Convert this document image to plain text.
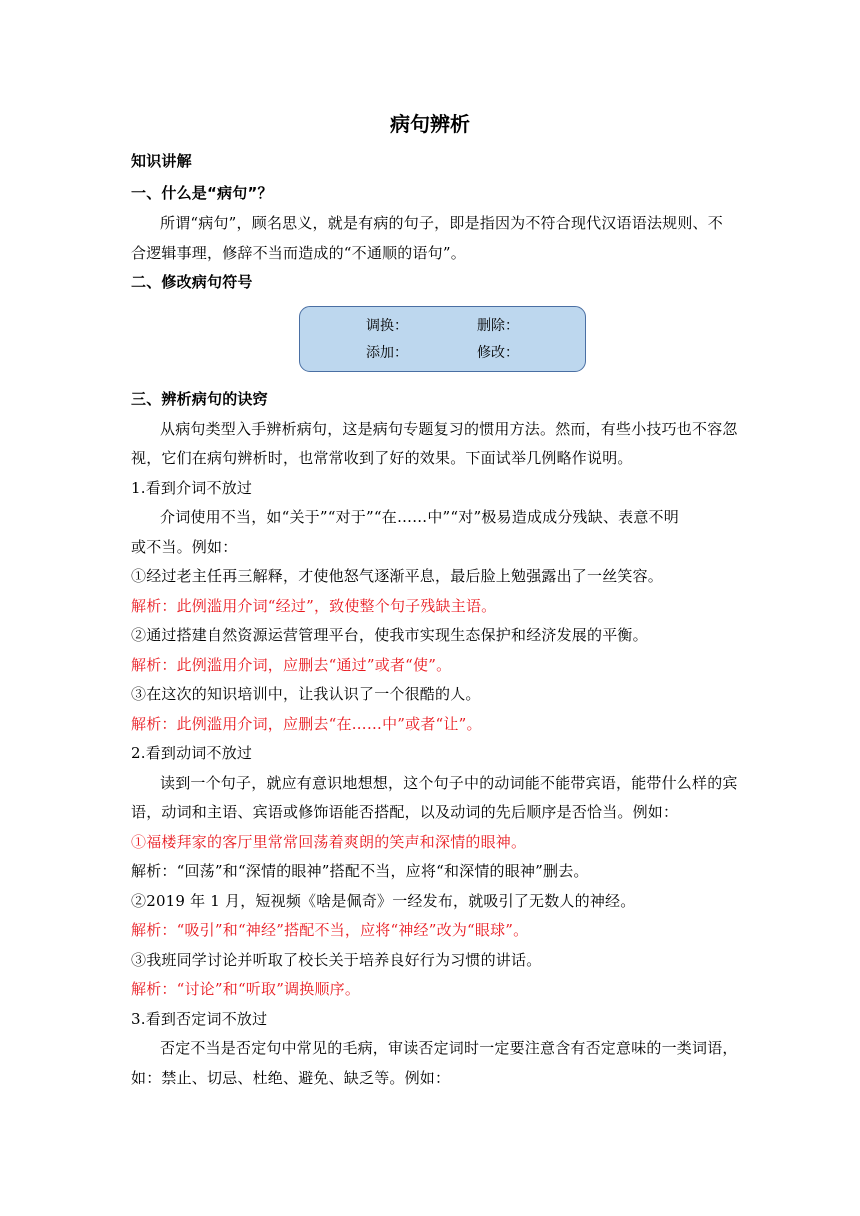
病句辨析
知识讲解
一、什么是“病句”？
所谓“病句”，顾名思义，就是有病的句子，即是指因为不符合现代汉语语法规则、不
合逻辑事理，修辞不当而造成的“不通顺的语句”。
二、修改病句符号
调换：	删除：
添加：	修改：
三、辨析病句的诀窍
从病句类型入手辨析病句，这是病句专题复习的惯用方法。然而，有些小技巧也不容忽
视，它们在病句辨析时，也常常收到了好的效果。下面试举几例略作说明。
1.看到介词不放过
介词使用不当，如“关于”“对于”“在……中”“对”极易造成成分残缺、表意不明
或不当。例如：
①经过老主任再三解释，才使他怒气逐渐平息，最后脸上勉强露出了一丝笑容。
解析：此例滥用介词“经过”，致使整个句子残缺主语。
②通过搭建自然资源运营管理平台，使我市实现生态保护和经济发展的平衡。
解析：此例滥用介词，应删去“通过”或者“使”。
③在这次的知识培训中，让我认识了一个很酷的人。
解析：此例滥用介词，应删去“在……中”或者“让”。
2.看到动词不放过
读到一个句子，就应有意识地想想，这个句子中的动词能不能带宾语，能带什么样的宾
语，动词和主语、宾语或修饰语能否搭配，以及动词的先后顺序是否恰当。例如：
①福楼拜家的客厅里常常回荡着爽朗的笑声和深情的眼神。
解析：“回荡”和“深情的眼神”搭配不当，应将“和深情的眼神”删去。
②2019 年 1 月，短视频《啥是佩奇》一经发布，就吸引了无数人的神经。
解析：“吸引”和“神经”搭配不当，应将“神经”改为“眼球”。
③我班同学讨论并听取了校长关于培养良好行为习惯的讲话。
解析：“讨论”和“听取”调换顺序。
3.看到否定词不放过
否定不当是否定句中常见的毛病，审读否定词时一定要注意含有否定意味的一类词语，
如：禁止、切忌、杜绝、避免、缺乏等。例如：
